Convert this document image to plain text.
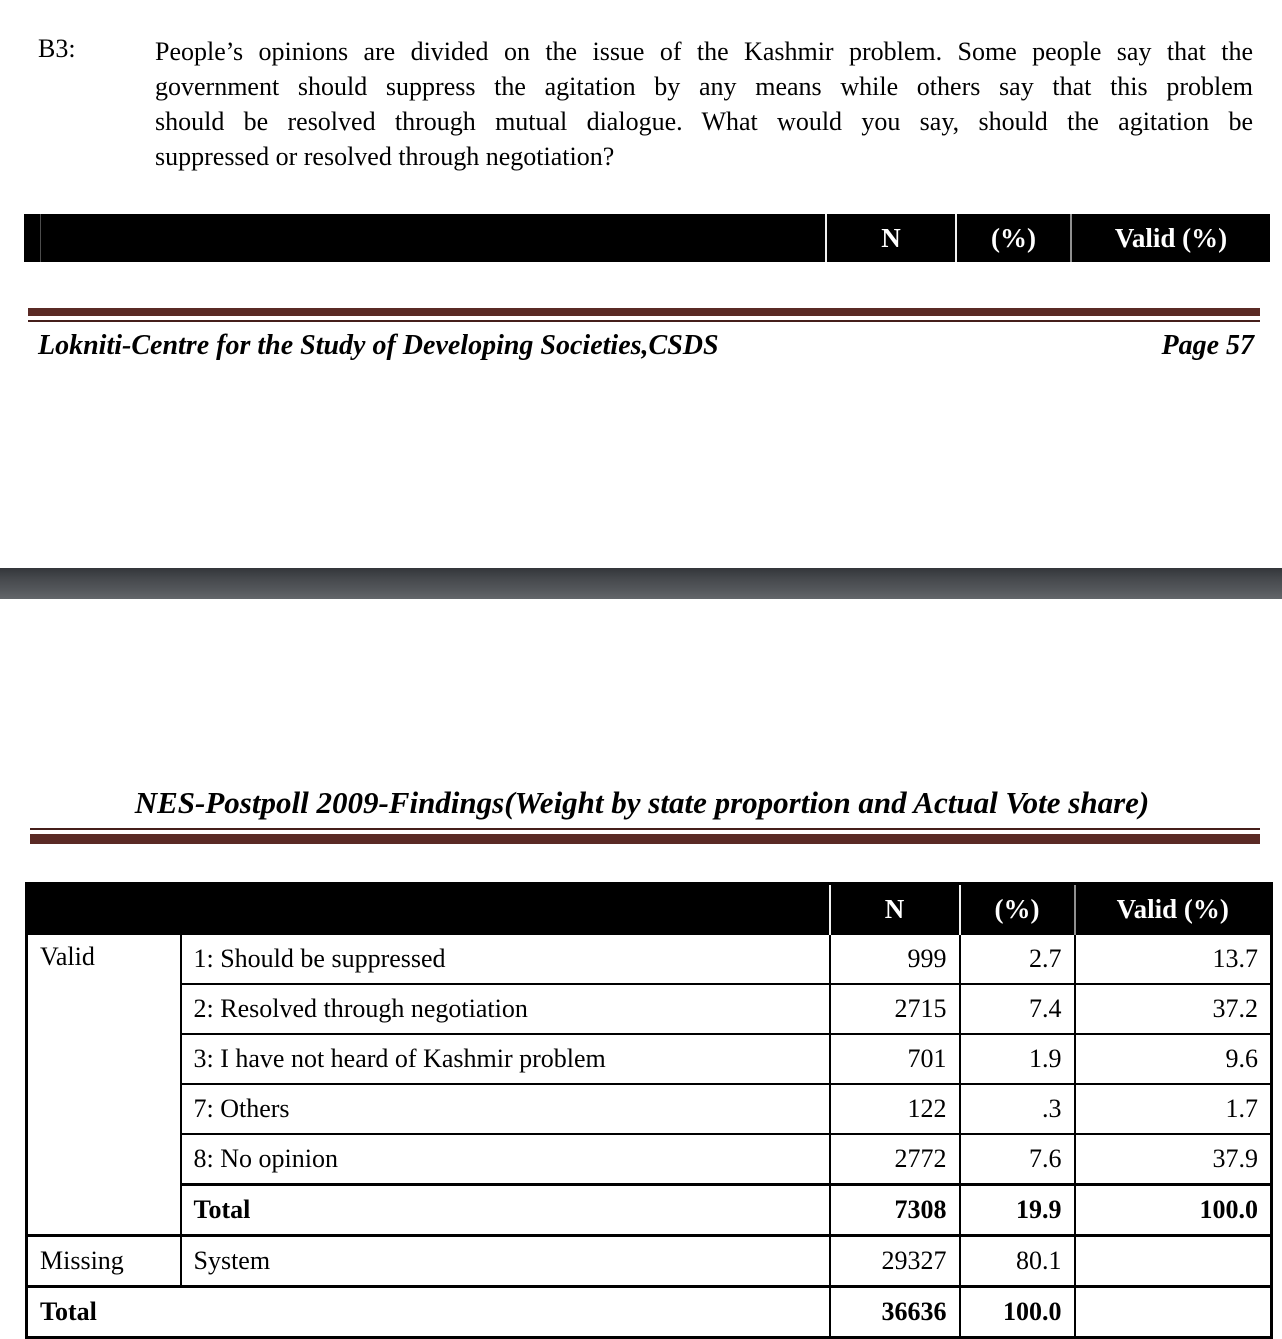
B3:	People’s opinions are divided on the issue of the Kashmir problem. Some people say that the
government should suppress the agitation by any means while others say that this problem
should be resolved through mutual dialogue. What would you say, should the agitation be
suppressed or resolved through negotiation?
		N	(%)	Valid (%)
Lokniti-Centre for the Study of Developing Societies,CSDS	Page 57
NES-Postpoll 2009-Findings(Weight by state proportion and Actual Vote share)
		N	(%)	Valid (%)
Valid	1: Should be suppressed	999	2.7	13.7
	2: Resolved through negotiation	2715	7.4	37.2
	3: I have not heard of Kashmir problem	701	1.9	9.6
	7: Others	122	.3	1.7
	8: No opinion	2772	7.6	37.9
	Total	7308	19.9	100.0
Missing	System	29327	80.1	
Total		36636	100.0	
